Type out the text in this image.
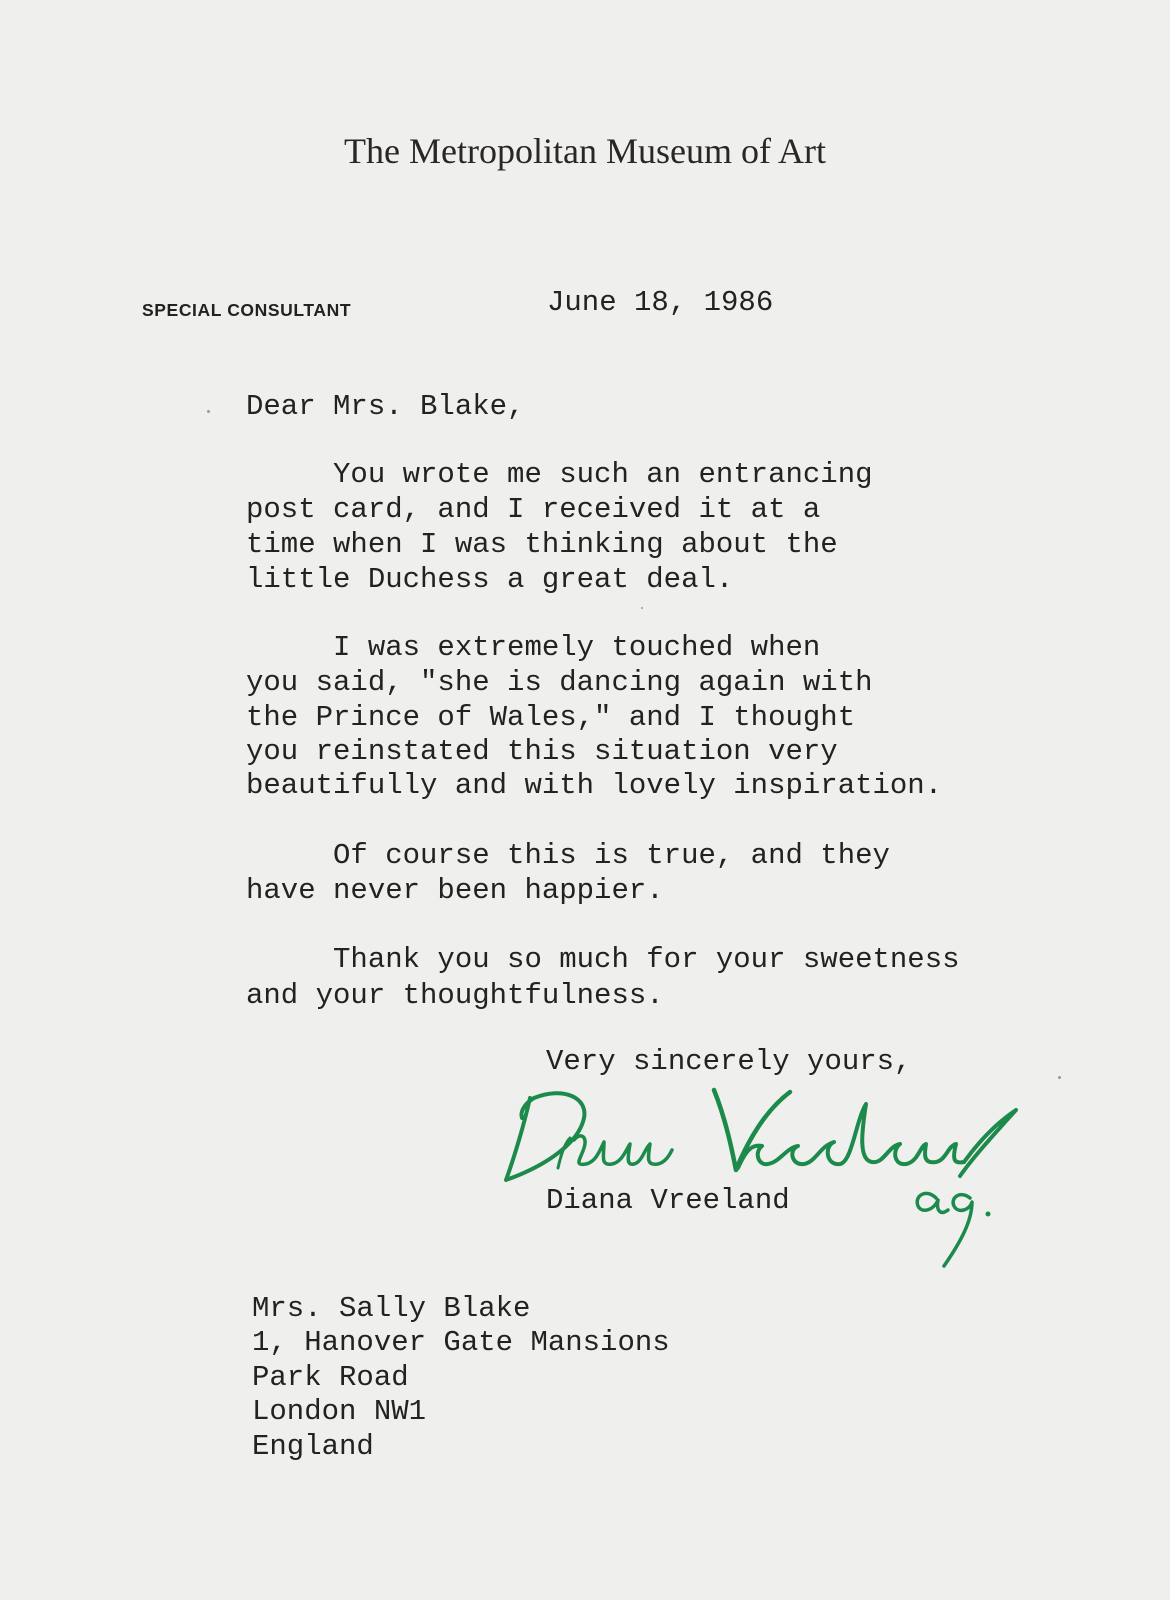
The Metropolitan Museum of Art
SPECIAL CONSULTANT	June 18, 1986
Dear Mrs. Blake,
You wrote me such an entrancing
post card, and I received it at a
time when I was thinking about the
little Duchess a great deal.
I was extremely touched when
you said, "she is dancing again with
the Prince of Wales," and I thought
you reinstated this situation very
beautifully and with lovely inspiration.
Of course this is true, and they
have never been happier.
Thank you so much for your sweetness
and your thoughtfulness.
Very sincerely yours,
Diana Vreeland
Mrs. Sally Blake
1, Hanover Gate Mansions
Park Road
London NW1
England
